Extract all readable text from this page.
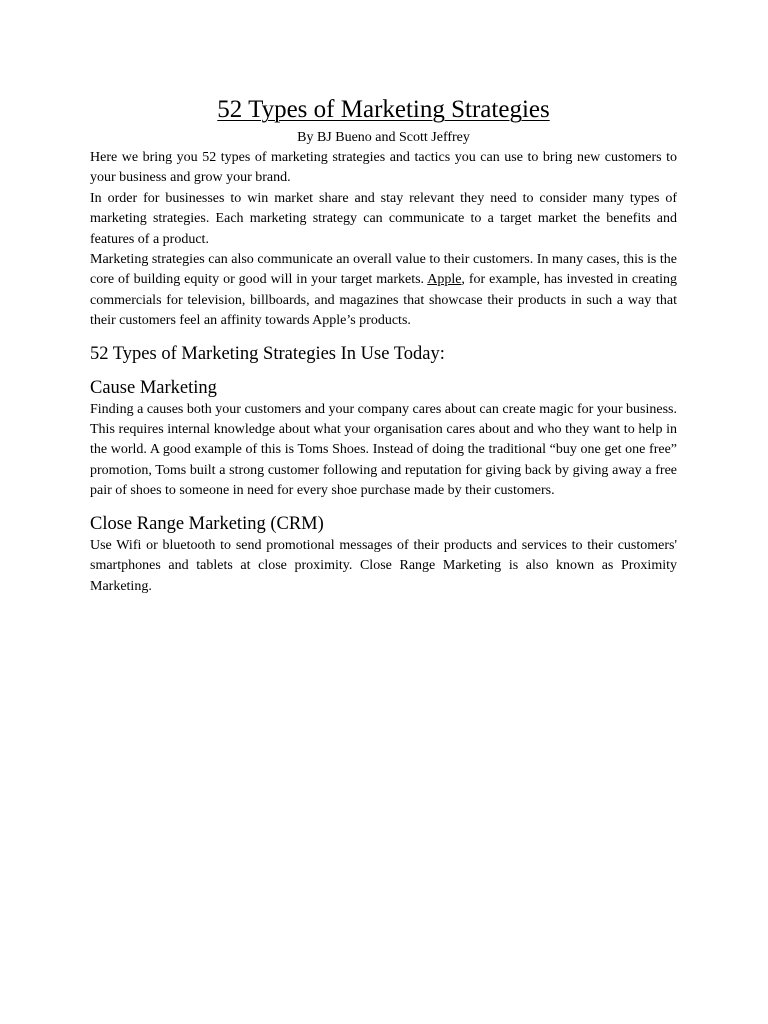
52 Types of Marketing Strategies
By BJ Bueno and Scott Jeffrey

Here we bring you 52 types of marketing strategies and tactics you can use to bring new customers to your business and grow your brand.

In order for businesses to win market share and stay relevant they need to consider many types of marketing strategies. Each marketing strategy can communicate to a target market the benefits and features of a product.

Marketing strategies can also communicate an overall value to their customers. In many cases, this is the core of building equity or good will in your target markets. Apple, for example, has invested in creating commercials for television, billboards, and magazines that showcase their products in such a way that their customers feel an affinity towards Apple’s products.

52 Types of Marketing Strategies In Use Today:
Cause Marketing

Finding a causes both your customers and your company cares about can create magic for your business. This requires internal knowledge about what your organisation cares about and who they want to help in the world. A good example of this is Toms Shoes. Instead of doing the traditional “buy one get one free” promotion, Toms built a strong customer following and reputation for giving back by giving away a free pair of shoes to someone in need for every shoe purchase made by their customers.

Close Range Marketing (CRM)

Use Wifi or bluetooth to send promotional messages of their products and services to their customers' smartphones and tablets at close proximity. Close Range Marketing is also known as Proximity Marketing.
